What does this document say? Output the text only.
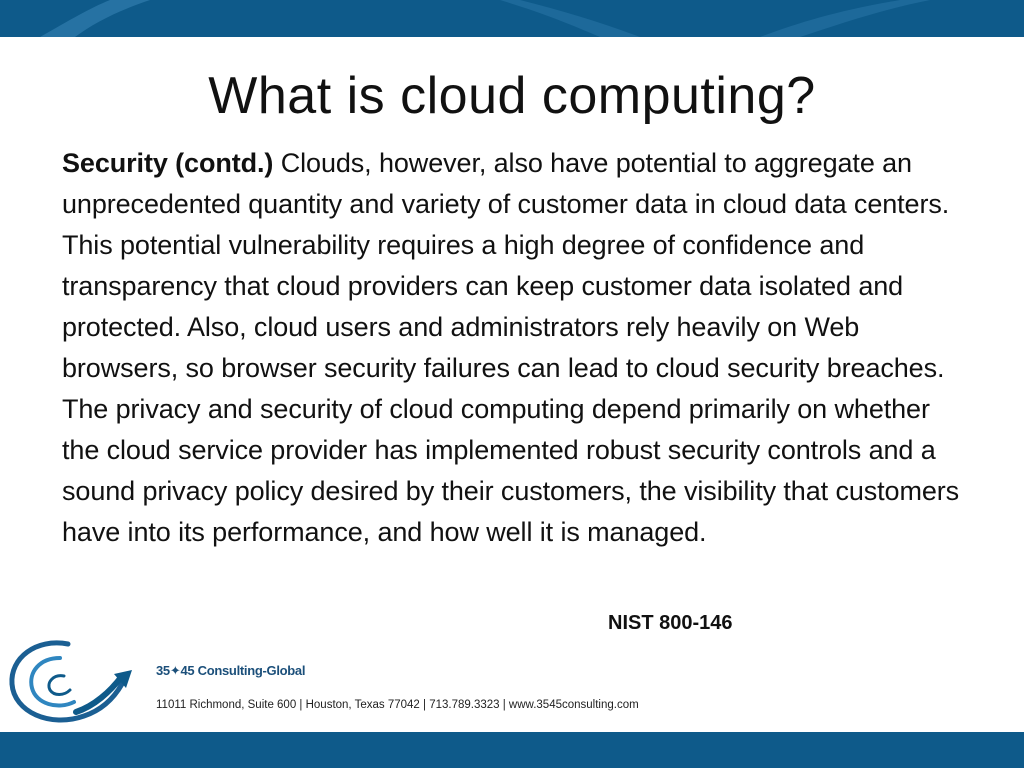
What is cloud computing?
Security (contd.) Clouds, however, also have potential to aggregate an unprecedented quantity and variety of customer data in cloud data centers. This potential vulnerability requires a high degree of confidence and transparency that cloud providers can keep customer data isolated and protected. Also, cloud users and administrators rely heavily on Web browsers, so browser security failures can lead to cloud security breaches. The privacy and security of cloud computing depend primarily on whether the cloud service provider has implemented robust security controls and a sound privacy policy desired by their customers, the visibility that customers have into its performance, and how well it is managed.
NIST 800-146
35✦45 Consulting-Global
11011 Richmond, Suite 600 | Houston, Texas 77042 | 713.789.3323 | www.3545consulting.com
